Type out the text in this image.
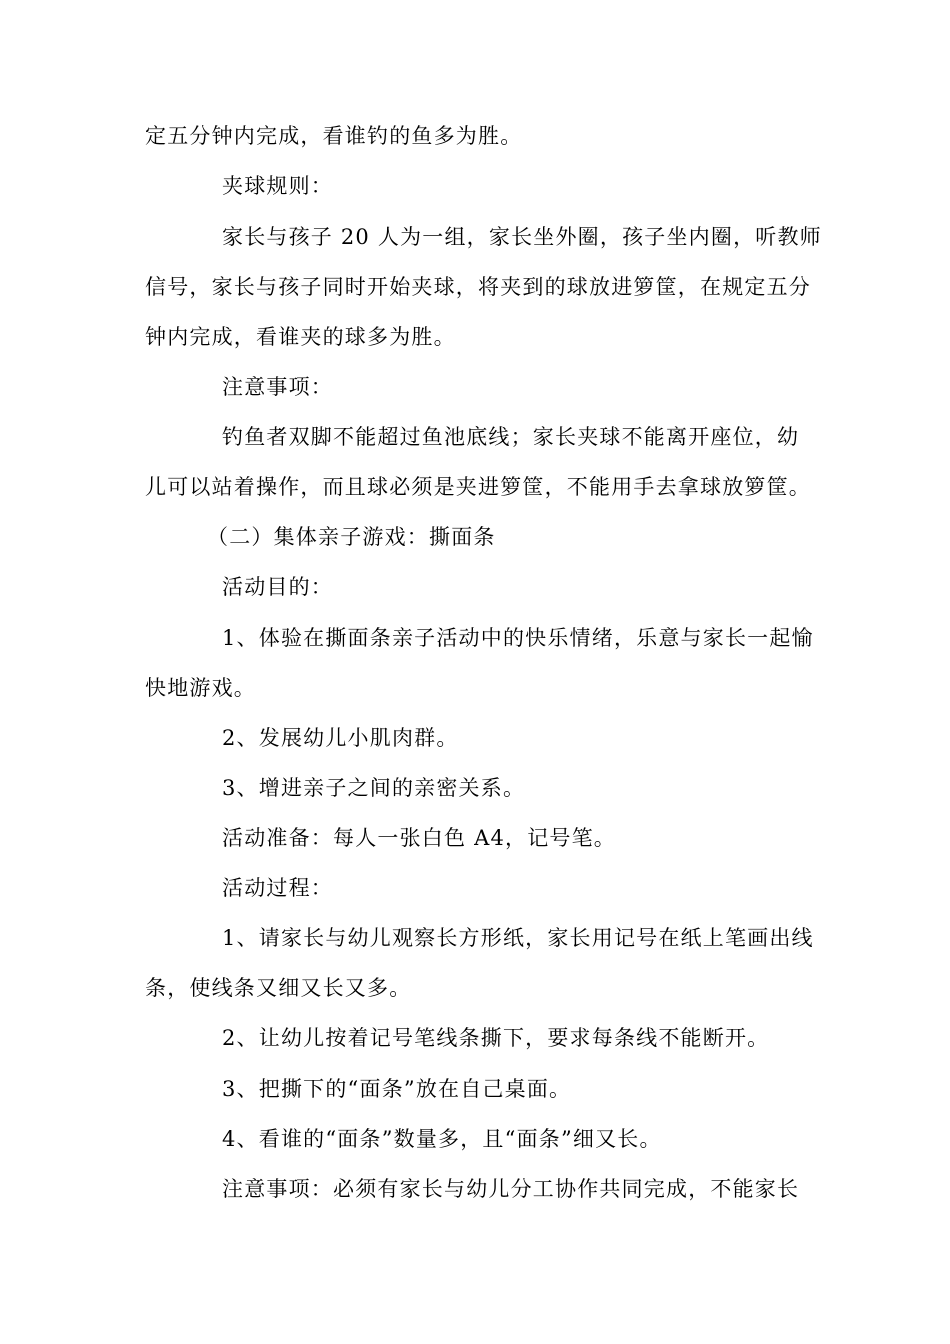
定五分钟内完成，看谁钓的鱼多为胜。
夹球规则：
家长与孩子 20 人为一组，家长坐外圈，孩子坐内圈，听教师
信号，家长与孩子同时开始夹球，将夹到的球放进箩筐，在规定五分
钟内完成，看谁夹的球多为胜。
注意事项：
钓鱼者双脚不能超过鱼池底线；家长夹球不能离开座位，幼
儿可以站着操作，而且球必须是夹进箩筐，不能用手去拿球放箩筐。
（二）集体亲子游戏：撕面条
活动目的：
1、体验在撕面条亲子活动中的快乐情绪，乐意与家长一起愉
快地游戏。
2、发展幼儿小肌肉群。
3、增进亲子之间的亲密关系。
活动准备：每人一张白色 A4，记号笔。
活动过程：
1、请家长与幼儿观察长方形纸，家长用记号在纸上笔画出线
条，使线条又细又长又多。
2、让幼儿按着记号笔线条撕下，要求每条线不能断开。
3、把撕下的“面条”放在自己桌面。
4、看谁的“面条”数量多，且“面条”细又长。
注意事项：必须有家长与幼儿分工协作共同完成，不能家长
